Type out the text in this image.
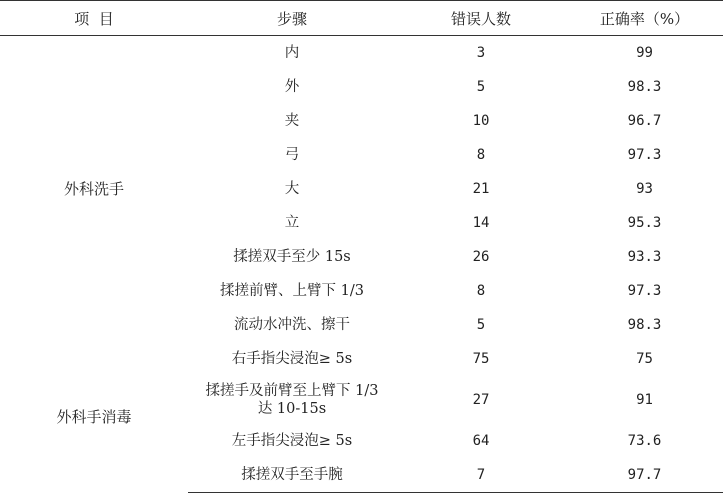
项  目	步骤	错误人数	正确率（%）
外科洗手	内	3	99
	外	5	98.3
	夹	10	96.7
	弓	8	97.3
	大	21	93
	立	14	95.3
	揉搓双手至少 15s	26	93.3
	揉搓前臂、上臂下 1/3	8	97.3
	流动水冲洗、擦干	5	98.3
外科手消毒	右手指尖浸泡≥ 5s	75	75

	揉搓手及前臂至上臂下 1/3
达 10-15s	27	91
	左手指尖浸泡≥ 5s	64	73.6
	揉搓双手至手腕	7	97.7
